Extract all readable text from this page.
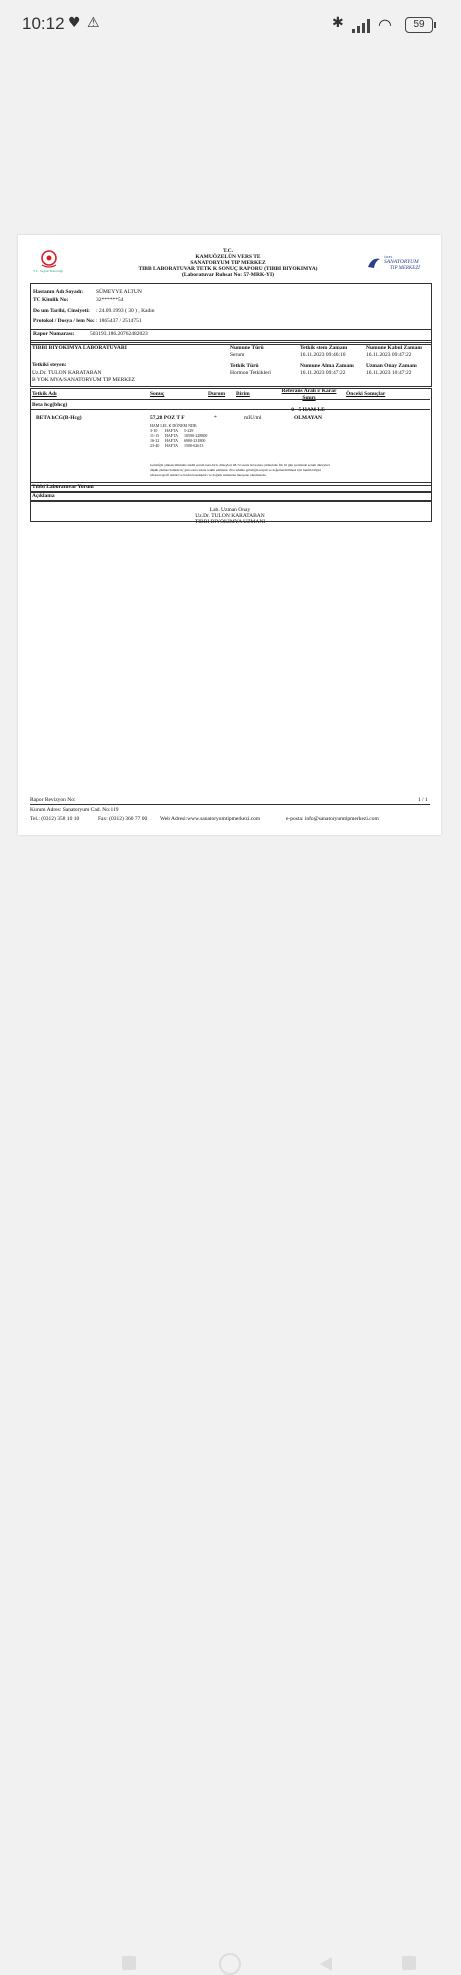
10:12 ♥ ⚠	✱ ◠	59
T.C. Sağlık Bakanlığı
T.C.
KAMUÖZELÜN VERS TE
SANATORYUM TIP MERKEZ
TIBB LABORATUVAR TETK K SONUÇ RAPORU (TIBBI BIYOKIMYA)
(Laboratuvar Ruhsat No: 57-MRK-YI)
ÖZEL
SANATORYUM
TIP MERKEZİ
Hastanın Adı Soyadı: SÜMEYYE ALTUN
TC Kimlik No:	32******54
Do um Tarihi, Cinsiyeti: : 24.09.1993 ( 30 ) , Kadın
Protokol / Dosya / lem No: : 1865437 / 2514751
Rapor Numarası:	503193.186.20762482023
TIBBI BIYOKIMYA LABORATUVARI
Tetkiki steyen:
Uz.Dr. TULON KARATABAN
B YOK MYA/SANATORYUM TIP MERKEZ
Numune Türü
Serum
Tetkik Türü
Hormon Tetkikleri
Tetkik stem Zamanı
16.11.2023 09:46:10
Numune Alma Zamanı
16.11.2023 09:47:22
Numune Kabul Zamanı
16.11.2023 09:47:22
Uzman Onay Zamanı
16.11.2023 10:47:22
Tetkik Adı	Sonuç	Durum Birim	Referans Aralı ı/ Karar Sınırı
Önceki Sonuçlar
Beta hcg(bhcg)
0 - 5 HAM LE
BETA hCG(B-Hcg)	57,28 POZ T F	*	mIU/ml	OLMAYAN
HAM LEL K DÖNEM NDE:
3-10 HAFTA 5-229
11-15 HAFTA 10590-228800
16-22 HAFTA 6900-231800
23-40 HAFTA 1500-62613
Gebeliğin yüksek ihtimalle takibi serum beta-hCG düzeyleri 48-72 saatte iki katına çıkmalıdır. İlk 10 gün içerisinde serum düzeyleri
düşük çıkmaz halinde üç gün sonra tekrar tetkik edilmesi. Zira tahmin gebeliğin tespiti ve değerlendirilmesi için hekim bilgisi
ultrasonografi tetkiki ve Kadın hastalıkları ve doğum uzmanına muayene olunmalıdır.
Tıbbi Laboratuvar Yorum
Açıklama
Lab. Uzman Onay
Uz.Dr. TULON KARATABAN
TIBBI BIYOKIMYA UZMANI
Rapor Revizyon No:	1 / 1
Kurum Adres: Sanatoryum Cad. No:119
Tel.: (0312) 358 10 10	Fax: (0312) 360 77 00 Web Adresi:www.sanatoryumtipmerkezi.com	e-posta: info@sanatoryumtipmerkezi.com
